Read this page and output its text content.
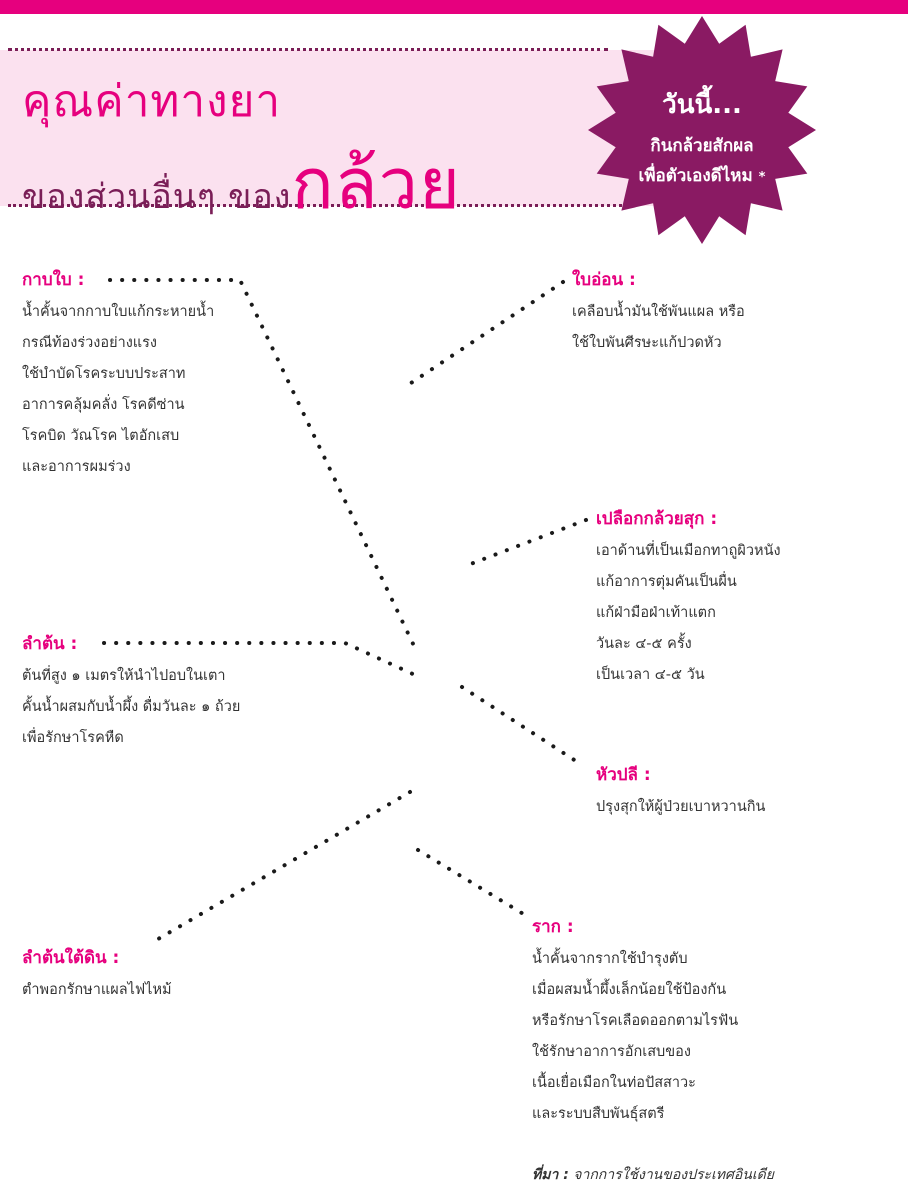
คุณค่าทางยา
ของส่วนอื่นๆ ของกล้วย
วันนี้...
กินกล้วยสักผล
เพื่อตัวเองดีไหม *
กาบใบ :
น้ำคั้นจากกาบใบแก้กระหายน้ำ
กรณีท้องร่วงอย่างแรง
ใช้บำบัดโรคระบบประสาท
อาการคลุ้มคลั่ง โรคดีซ่าน
โรคบิด วัณโรค ไตอักเสบ
และอาการผมร่วง
ใบอ่อน :
เคลือบน้ำมันใช้พันแผล หรือ
ใช้ใบพันศีรษะแก้ปวดหัว
เปลือกกล้วยสุก :
เอาด้านที่เป็นเมือกทาถูผิวหนัง
แก้อาการตุ่มคันเป็นผื่น
แก้ฝ่ามือฝ่าเท้าแตก
วันละ ๔-๕ ครั้ง
เป็นเวลา ๔-๕ วัน
ลำต้น :
ต้นที่สูง ๑ เมตรให้นำไปอบในเตา
คั้นน้ำผสมกับน้ำผึ้ง ดื่มวันละ ๑ ถ้วย
เพื่อรักษาโรคหืด
หัวปลี :
ปรุงสุกให้ผู้ป่วยเบาหวานกิน
ลำต้นใต้ดิน :
ตำพอกรักษาแผลไฟไหม้
ราก :
น้ำคั้นจากรากใช้บำรุงตับ
เมื่อผสมน้ำผึ้งเล็กน้อยใช้ป้องกัน
หรือรักษาโรคเลือดออกตามไรฟัน
ใช้รักษาอาการอักเสบของ
เนื้อเยื่อเมือกในท่อปัสสาวะ
และระบบสืบพันธุ์สตรี
ที่มา : จากการใช้งานของประเทศอินเดีย
